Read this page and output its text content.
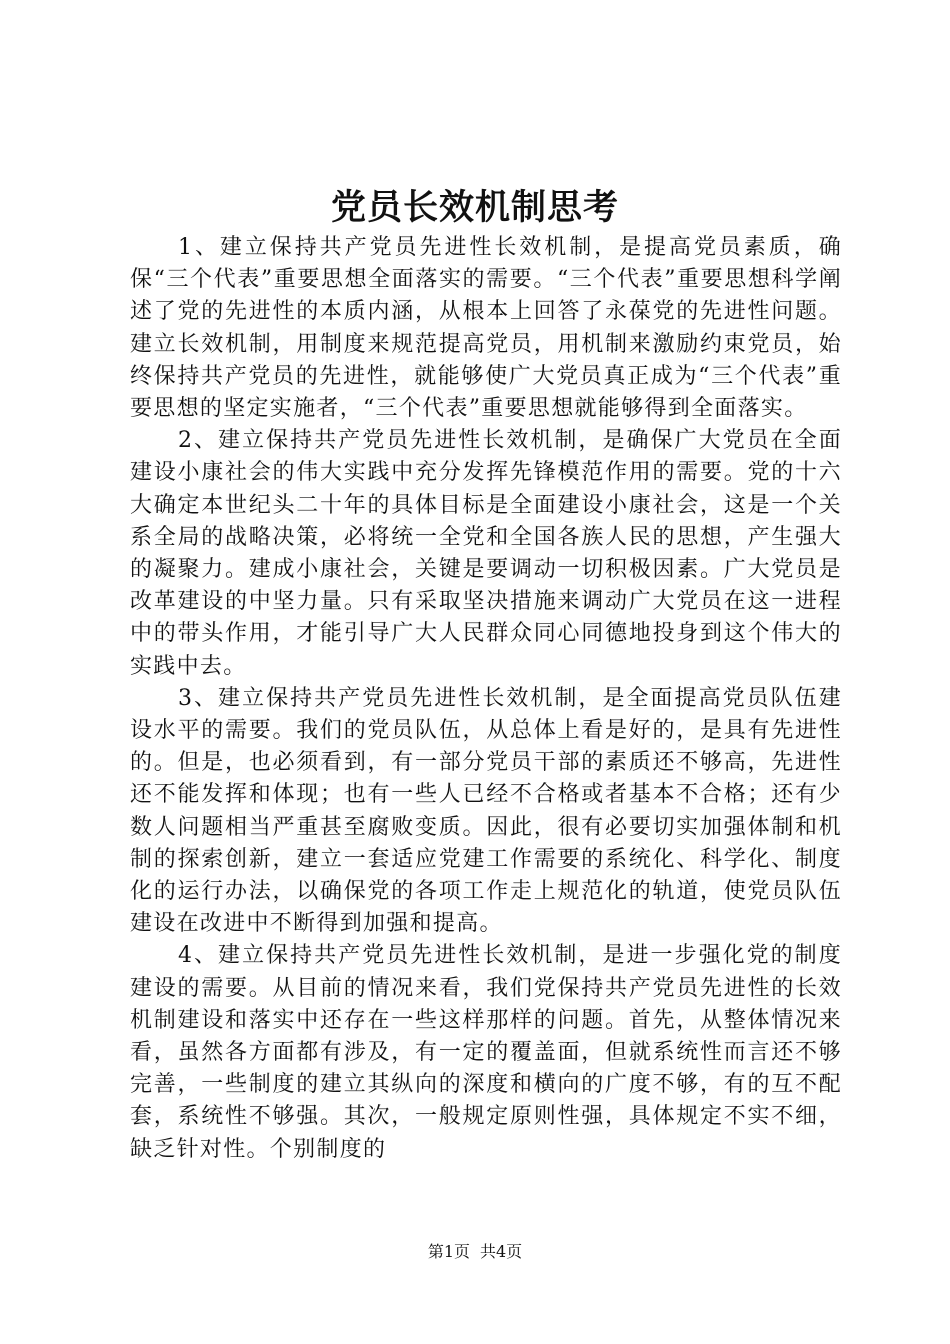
党员长效机制思考

1、建立保持共产党员先进性长效机制，是提高党员素质，确保“三个代表”重要思想全面落实的需要。“三个代表”重要思想科学阐述了党的先进性的本质内涵，从根本上回答了永葆党的先进性问题。建立长效机制，用制度来规范提高党员，用机制来激励约束党员，始终保持共产党员的先进性，就能够使广大党员真正成为“三个代表”重要思想的坚定实施者，“三个代表”重要思想就能够得到全面落实。

2、建立保持共产党员先进性长效机制，是确保广大党员在全面建设小康社会的伟大实践中充分发挥先锋模范作用的需要。党的十六大确定本世纪头二十年的具体目标是全面建设小康社会，这是一个关系全局的战略决策，必将统一全党和全国各族人民的思想，产生强大的凝聚力。建成小康社会，关键是要调动一切积极因素。广大党员是改革建设的中坚力量。只有采取坚决措施来调动广大党员在这一进程中的带头作用，才能引导广大人民群众同心同德地投身到这个伟大的实践中去。

3、建立保持共产党员先进性长效机制，是全面提高党员队伍建设水平的需要。我们的党员队伍，从总体上看是好的，是具有先进性的。但是，也必须看到，有一部分党员干部的素质还不够高，先进性还不能发挥和体现；也有一些人已经不合格或者基本不合格；还有少数人问题相当严重甚至腐败变质。因此，很有必要切实加强体制和机制的探索创新，建立一套适应党建工作需要的系统化、科学化、制度化的运行办法，以确保党的各项工作走上规范化的轨道，使党员队伍建设在改进中不断得到加强和提高。

4、建立保持共产党员先进性长效机制，是进一步强化党的制度建设的需要。从目前的情况来看，我们党保持共产党员先进性的长效机制建设和落实中还存在一些这样那样的问题。首先，从整体情况来看，虽然各方面都有涉及，有一定的覆盖面，但就系统性而言还不够完善，一些制度的建立其纵向的深度和横向的广度不够，有的互不配套，系统性不够强。其次，一般规定原则性强，具体规定不实不细，缺乏针对性。个别制度的

第1页 共4页
